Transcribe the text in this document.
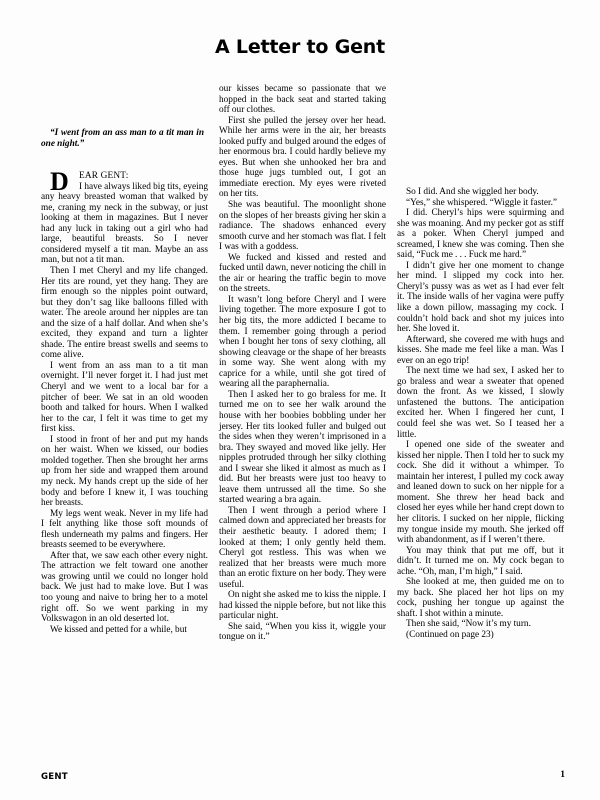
A Letter to Gent

“I went from an ass man to a tit man in one night.”

D EAR GENT:

I have always liked big tits, eyeing any heavy breasted woman that walked by me, craning my neck in the subway, or just looking at them in magazines. But I never had any luck in taking out a girl who had large, beautiful breasts. So I never considered myself a tit man. Maybe an ass man, but not a tit man.

Then I met Cheryl and my life changed. Her tits are round, yet they hang. They are firm enough so the nipples point outward, but they don’t sag like balloons filled with water. The areole around her nipples are tan and the size of a half dollar. And when she’s excited, they expand and turn a lighter shade. The entire breast swells and seems to come alive.

I went from an ass man to a tit man overnight. I’ll never forget it. I had just met Cheryl and we went to a local bar for a pitcher of beer. We sat in an old wooden booth and talked for hours. When I walked her to the car, I felt it was time to get my first kiss.

I stood in front of her and put my hands on her waist. When we kissed, our bodies molded together. Then she brought her arms up from her side and wrapped them around my neck. My hands crept up the side of her body and before I knew it, I was touching her breasts.

My legs went weak. Never in my life had I felt anything like those soft mounds of flesh underneath my palms and fingers. Her breasts seemed to be everywhere.

After that, we saw each other every night. The attraction we felt toward one another was growing until we could no longer hold back. We just had to make love. But I was too young and naive to bring her to a motel right off. So we went parking in my Volkswagon in an old deserted lot.

We kissed and petted for a while, but

our kisses became so passionate that we hopped in the back seat and started taking off our clothes.

First she pulled the jersey over her head. While her arms were in the air, her breasts looked puffy and bulged around the edges of her enormous bra. I could hardly believe my eyes. But when she unhooked her bra and those huge jugs tumbled out, I got an immediate erection. My eyes were riveted on her tits.

She was beautiful. The moonlight shone on the slopes of her breasts giving her skin a radiance. The shadows enhanced every smooth curve and her stomach was flat. I felt I was with a goddess.

We fucked and kissed and rested and fucked until dawn, never noticing the chill in the air or hearing the traffic begin to move on the streets.

It wasn’t long before Cheryl and I were living together. The more exposure I got to her big tits, the more addicted I became to them. I remember going through a period when I bought her tons of sexy clothing, all showing cleavage or the shape of her breasts in some way. She went along with my caprice for a while, until she got tired of wearing all the paraphernalia.

Then I asked her to go braless for me. It turned me on to see her walk around the house with her boobies bobbling under her jersey. Her tits looked fuller and bulged out the sides when they weren’t imprisoned in a bra. They swayed and moved like jelly. Her nipples protruded through her silky clothing and I swear she liked it almost as much as I did. But her breasts were just too heavy to leave them untrussed all the time. So she started wearing a bra again.

Then I went through a period where I calmed down and appreciated her breasts for their aesthetic beauty. I adored them; I looked at them; I only gently held them. Cheryl got restless. This was when we realized that her breasts were much more than an erotic fixture on her body. They were useful.

On night she asked me to kiss the nipple. I had kissed the nipple before, but not like this particular night.

She said, “When you kiss it, wiggle your tongue on it.”

So I did. And she wiggled her body.

“Yes,” she whispered. “Wiggle it faster.”

I did. Cheryl’s hips were squirming and she was moaning. And my pecker got as stiff as a poker. When Cheryl jumped and screamed, I knew she was coming. Then she said, “Fuck me . . . Fuck me hard.”

I didn’t give her one moment to change her mind. I slipped my cock into her. Cheryl’s pussy was as wet as I had ever felt it. The inside walls of her vagina were puffy like a down pillow, massaging my cock. I couldn’t hold back and shot my juices into her. She loved it.

Afterward, she covered me with hugs and kisses. She made me feel like a man. Was I ever on an ego trip!

The next time we had sex, I asked her to go braless and wear a sweater that opened down the front. As we kissed, I slowly unfastened the buttons. The anticipation excited her. When I fingered her cunt, I could feel she was wet. So I teased her a little.

I opened one side of the sweater and kissed her nipple. Then I told her to suck my cock. She did it without a whimper. To maintain her interest, I pulled my cock away and leaned down to suck on her nipple for a moment. She threw her head back and closed her eyes while her hand crept down to her clitoris. I sucked on her nipple, flicking my tongue inside my mouth. She jerked off with abandonment, as if I weren’t there.

You may think that put me off, but it didn’t. It turned me on. My cock began to ache. “Oh, man, I’m high,” I said.

She looked at me, then guided me on to my back. She placed her hot lips on my cock, pushing her tongue up against the shaft. I shot within a minute.

Then she said, “Now it’s my turn.

(Continued on page 23)

GENT	1
